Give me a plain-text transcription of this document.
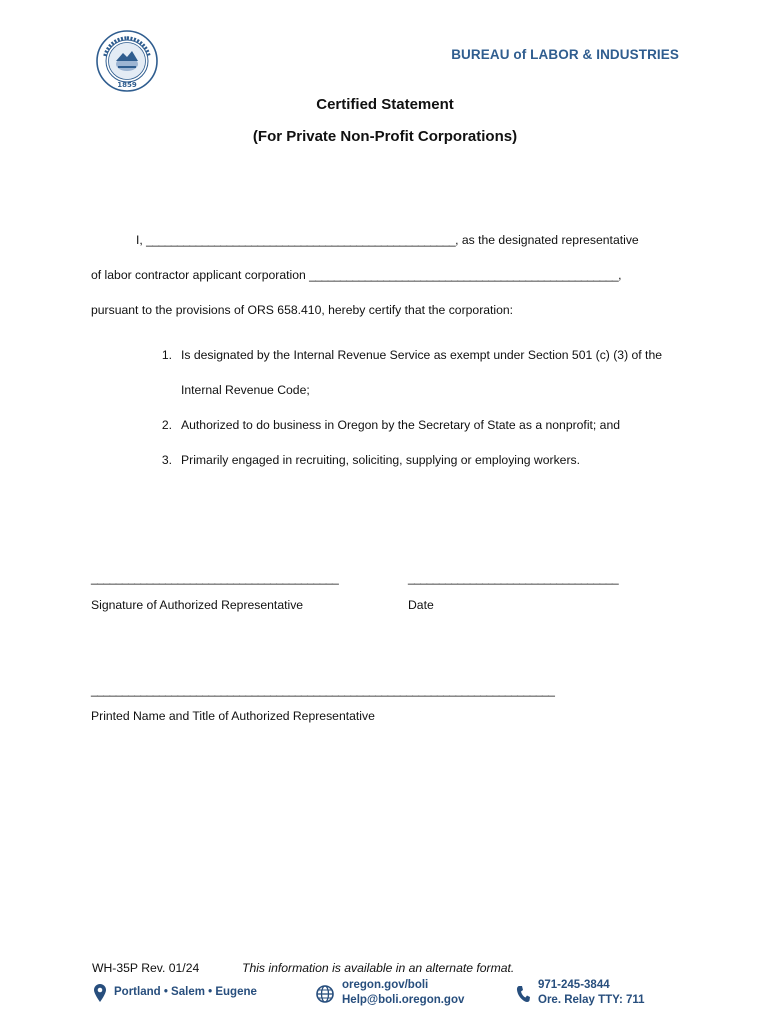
1859
BUREAU of LABOR & INDUSTRIES
Certified Statement
(For Private Non-Profit Corporations)
I, __________________________________________________, as the designated representative
of labor contractor applicant corporation __________________________________________________,
pursuant to the provisions of ORS 658.410, hereby certify that the corporation:
1. Is designated by the Internal Revenue Service as exempt under Section 501 (c) (3) of the
Internal Revenue Code;
2. Authorized to do business in Oregon by the Secretary of State as a nonprofit; and
3. Primarily engaged in recruiting, soliciting, supplying or employing workers.
________________________________________
Signature of Authorized Representative
__________________________________
Date
___________________________________________________________________________
Printed Name and Title of Authorized Representative
WH-35P Rev. 01/24	This information is available in an alternate format.
Portland • Salem • Eugene
oregon.gov/boli
Help@boli.oregon.gov
971-245-3844
Ore. Relay TTY: 711
